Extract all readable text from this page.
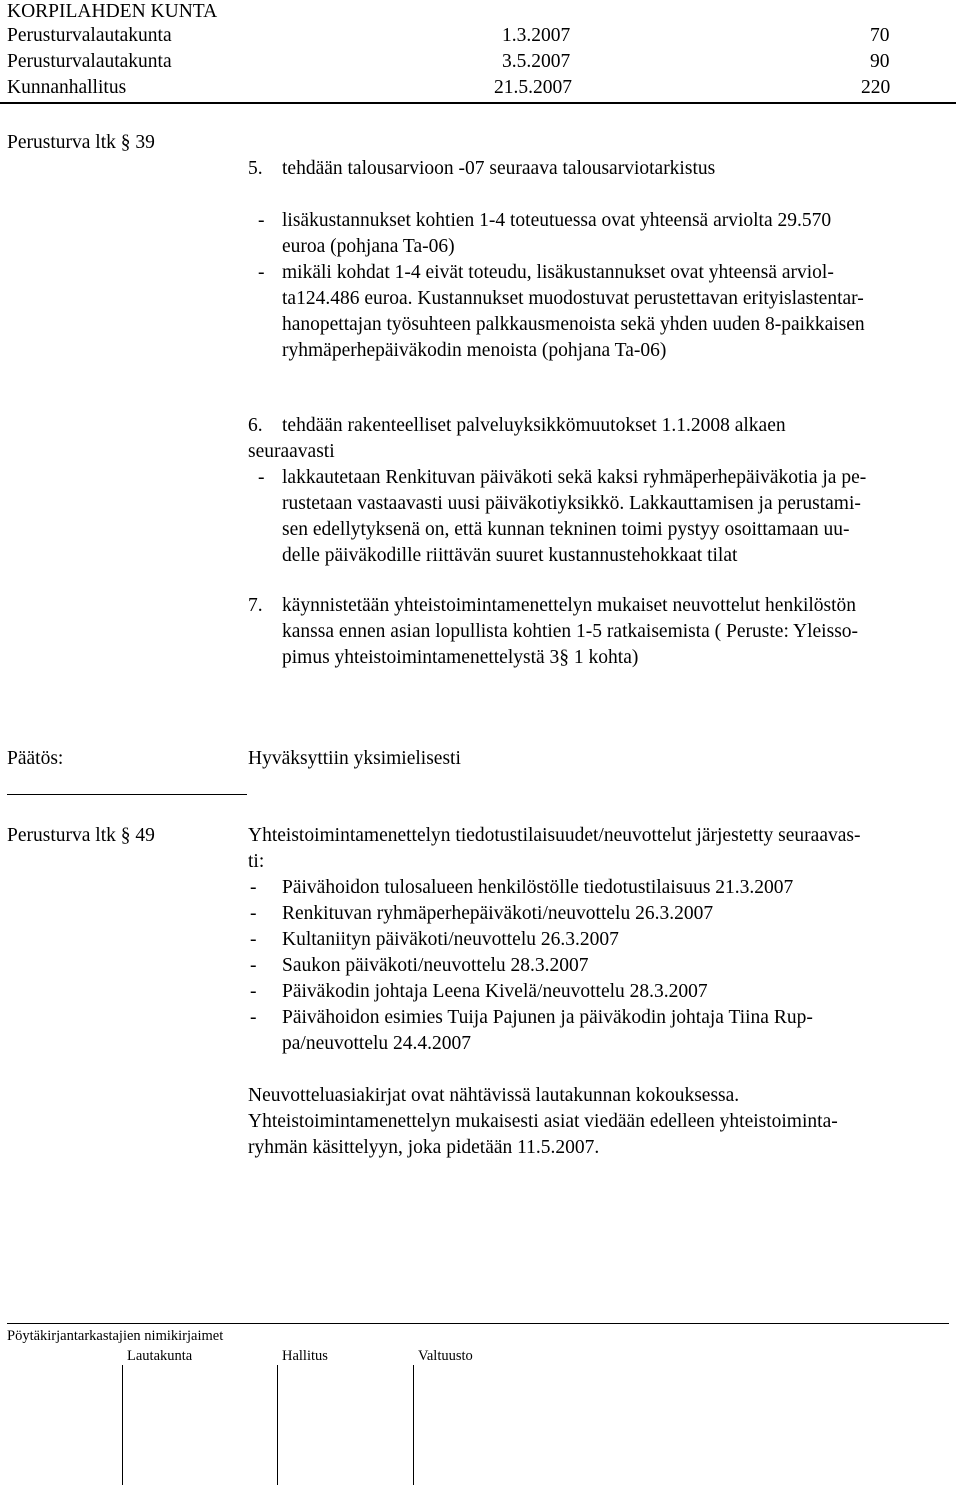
KORPILAHDEN KUNTA
Perusturvalautakunta	1.3.2007	70
Perusturvalautakunta	3.5.2007	90
Kunnanhallitus	21.5.2007	220
Perusturva ltk § 39
5. tehdään talousarvioon -07 seuraava talousarviotarkistus
- lisäkustannukset kohtien 1-4 toteutuessa ovat yhteensä arviolta 29.570
euroa (pohjana Ta-06)
- mikäli kohdat 1-4 eivät toteudu, lisäkustannukset ovat yhteensä arviol-
ta124.486 euroa. Kustannukset muodostuvat perustettavan erityislastentar-
hanopettajan työsuhteen palkkausmenoista sekä yhden uuden 8-paikkaisen
ryhmäperhepäiväkodin menoista (pohjana Ta-06)
6. tehdään rakenteelliset palveluyksikkömuutokset 1.1.2008 alkaen
seuraavasti
- lakkautetaan Renkituvan päiväkoti sekä kaksi ryhmäperhepäiväkotia ja pe-
rustetaan vastaavasti uusi päiväkotiyksikkö. Lakkauttamisen ja perustami-
sen edellytyksenä on, että kunnan tekninen toimi pystyy osoittamaan uu-
delle päiväkodille riittävän suuret kustannustehokkaat tilat
7. käynnistetään yhteistoimintamenettelyn mukaiset neuvottelut henkilöstön
kanssa ennen asian lopullista kohtien 1-5 ratkaisemista ( Peruste: Yleisso-
pimus yhteistoimintamenettelystä 3§ 1 kohta)
Päätös:	Hyväksyttiin yksimielisesti
Perusturva ltk § 49	Yhteistoimintamenettelyn tiedotustilaisuudet/neuvottelut järjestetty seuraavas-
ti:
- Päivähoidon tulosalueen henkilöstölle tiedotustilaisuus 21.3.2007
- Renkituvan ryhmäperhepäiväkoti/neuvottelu 26.3.2007
- Kultaniityn päiväkoti/neuvottelu 26.3.2007
- Saukon päiväkoti/neuvottelu 28.3.2007
- Päiväkodin johtaja Leena Kivelä/neuvottelu 28.3.2007
- Päivähoidon esimies Tuija Pajunen ja päiväkodin johtaja Tiina Rup-
pa/neuvottelu 24.4.2007
Neuvotteluasiakirjat ovat nähtävissä lautakunnan kokouksessa.
Yhteistoimintamenettelyn mukaisesti asiat viedään edelleen yhteistoiminta-
ryhmän käsittelyyn, joka pidetään 11.5.2007.
Pöytäkirjantarkastajien nimikirjaimet
Lautakunta	Hallitus	Valtuusto
